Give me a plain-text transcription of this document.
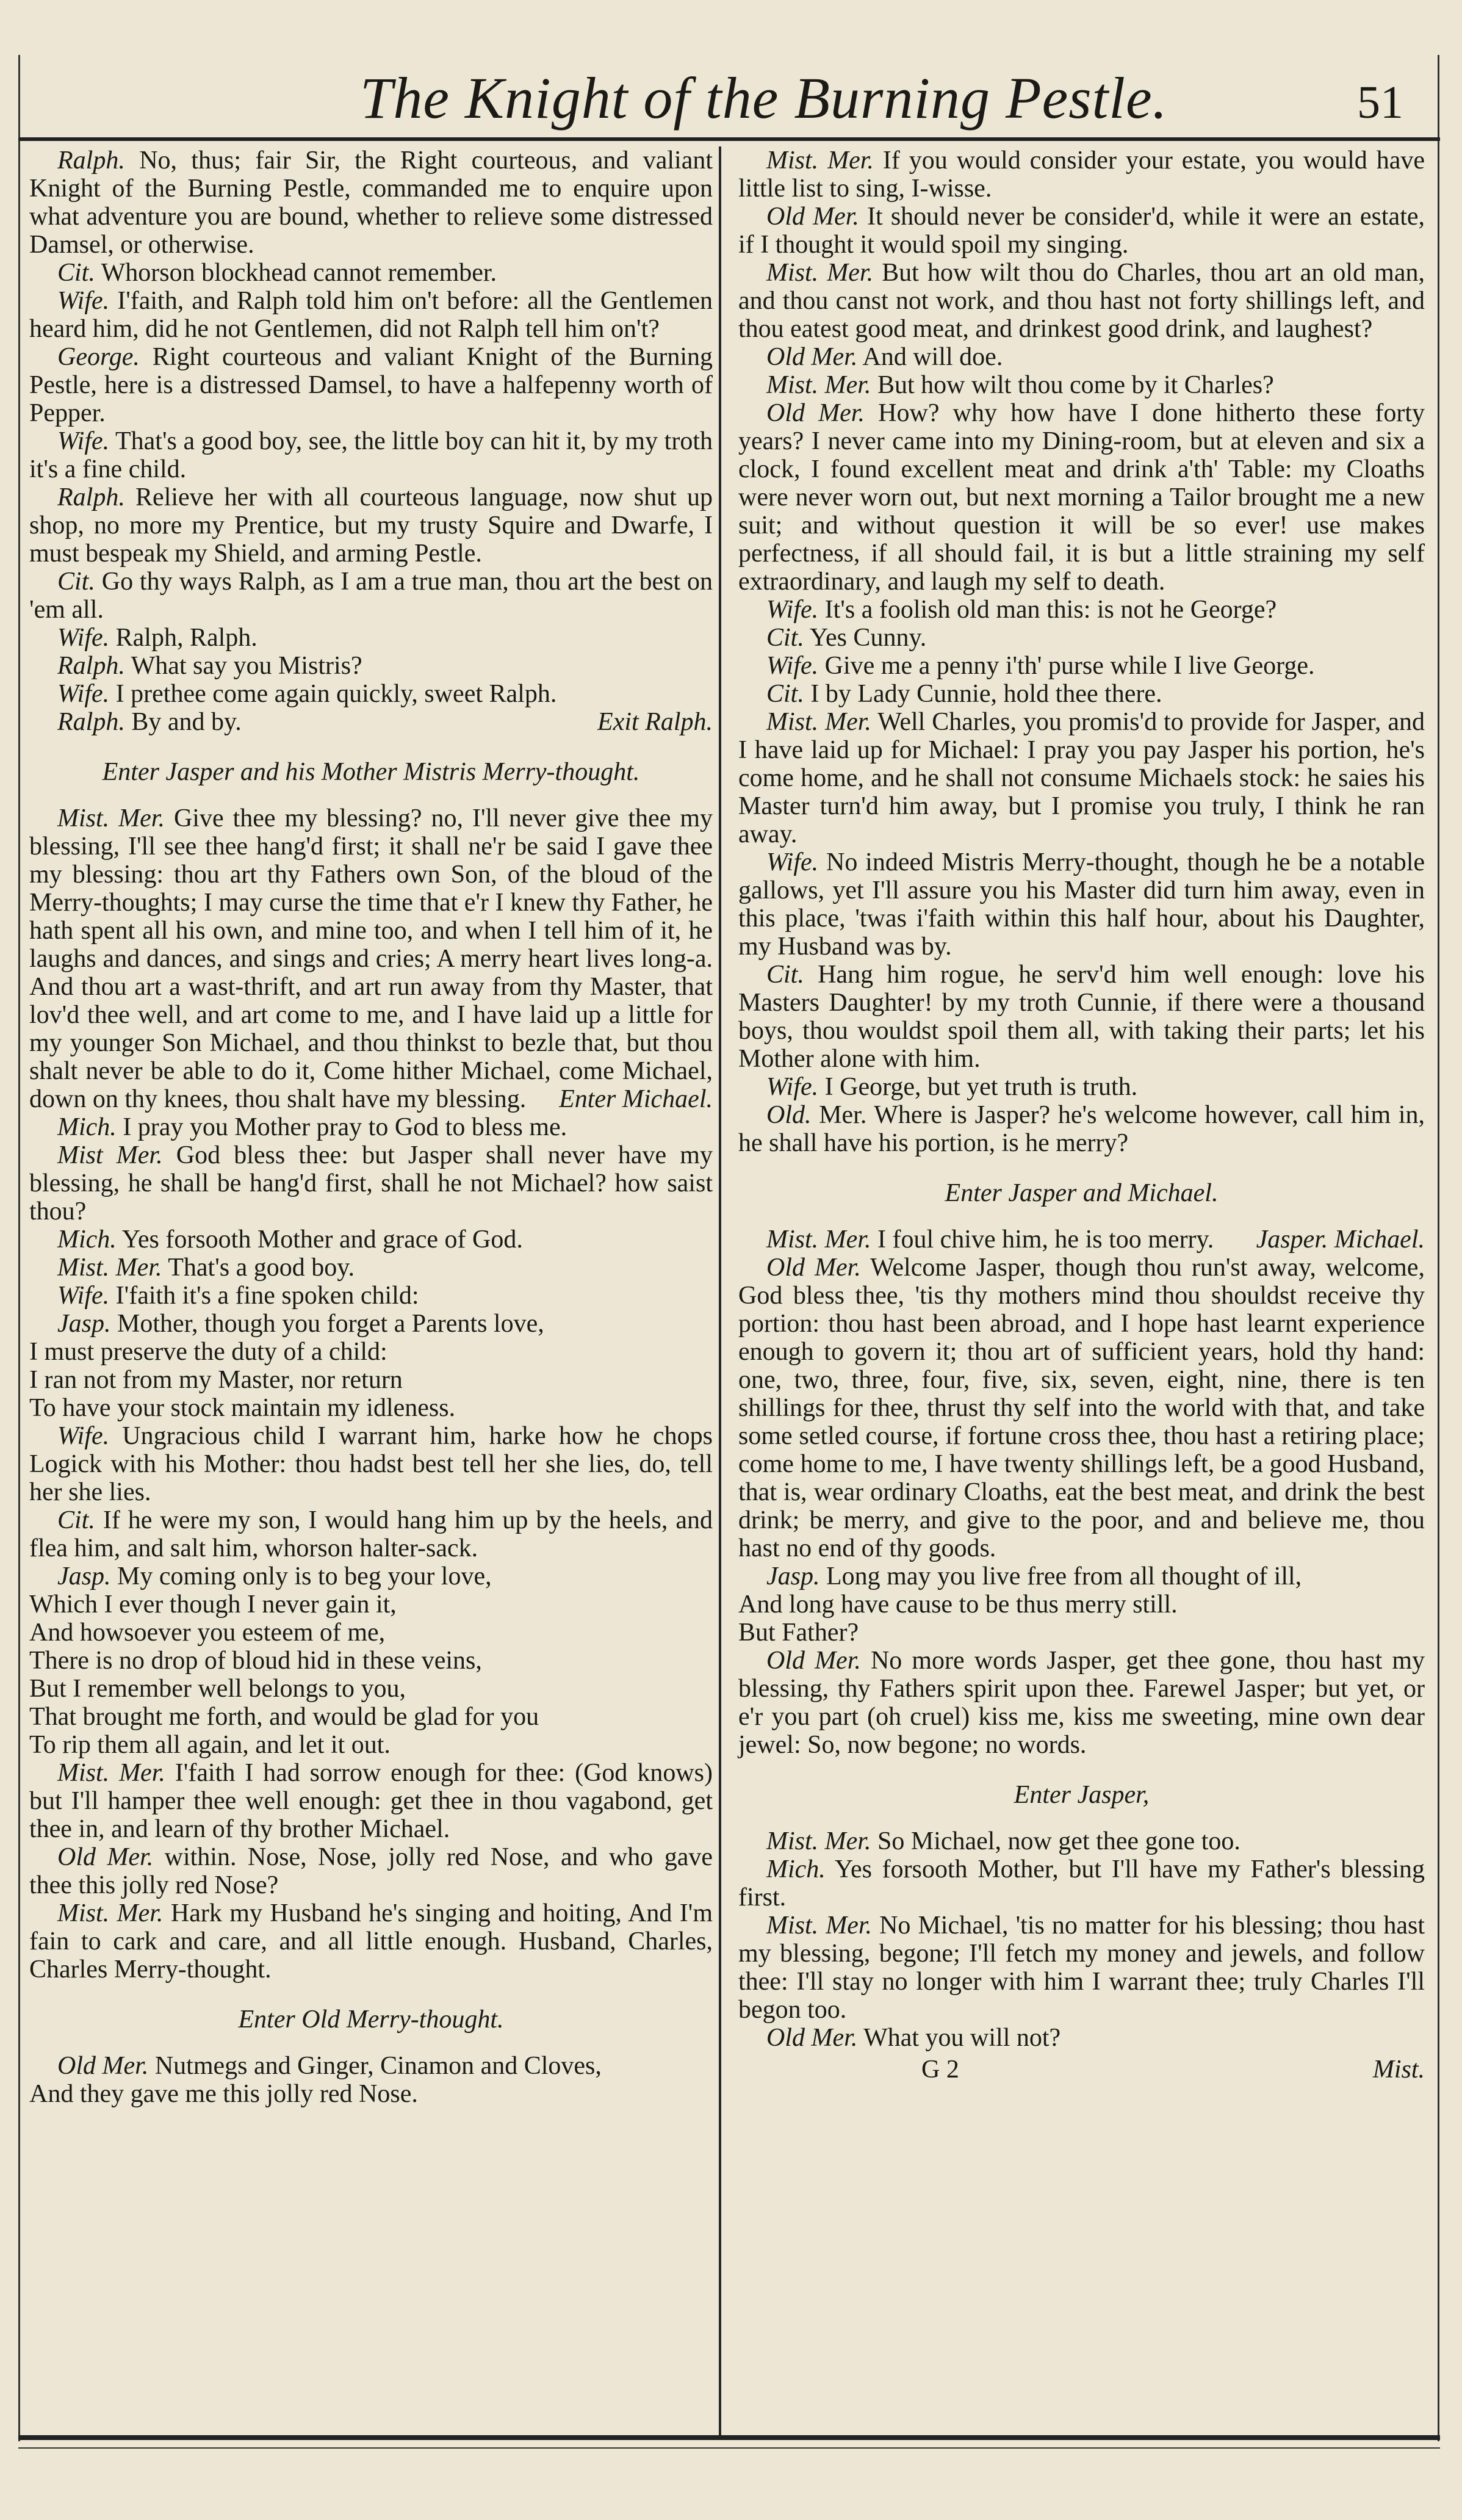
The Knight of the Burning Pestle.	51

Ralph. No, thus; fair Sir, the Right courteous, and valiant Knight of the Burning Pestle, commanded me to enquire upon what adventure you are bound, whether to relieve some distressed Damsel, or otherwise.

Cit. Whorson blockhead cannot remember.

Wife. I'faith, and Ralph told him on't before: all the Gentlemen heard him, did he not Gentlemen, did not Ralph tell him on't?

George. Right courteous and valiant Knight of the Burning Pestle, here is a distressed Damsel, to have a halfepenny worth of Pepper.

Wife. That's a good boy, see, the little boy can hit it, by my troth it's a fine child.

Ralph. Relieve her with all courteous language, now shut up shop, no more my Prentice, but my trusty Squire and Dwarfe, I must bespeak my Shield, and arming Pestle.

Cit. Go thy ways Ralph, as I am a true man, thou art the best on 'em all.

Wife. Ralph, Ralph.

Ralph. What say you Mistris?

Wife. I prethee come again quickly, sweet Ralph.

Ralph. By and by.	Exit Ralph.

Enter Jasper and his Mother Mistris Merry-thought.

Mist. Mer. Give thee my blessing? no, I'll never give thee my blessing, I'll see thee hang'd first; it shall ne'r be said I gave thee my blessing: thou art thy Fathers own Son, of the bloud of the Merry-thoughts; I may curse the time that e'r I knew thy Father, he hath spent all his own, and mine too, and when I tell him of it, he laughs and dances, and sings and cries; A merry heart lives long-a. And thou art a wast-thrift, and art run away from thy Master, that lov'd thee well, and art come to me, and I have laid up a little for my younger Son Michael, and thou thinkst to bezle that, but thou shalt never be able to do it, Come hither Michael, come Michael, down on thy knees, thou shalt have my blessing.	Enter Michael.

Mich. I pray you Mother pray to God to bless me.

Mist Mer. God bless thee: but Jasper shall never have my blessing, he shall be hang'd first, shall he not Michael? how saist thou?

Mich. Yes forsooth Mother and grace of God.

Mist. Mer. That's a good boy.

Wife. I'faith it's a fine spoken child:

Jasp. Mother, though you forget a Parents love,

I must preserve the duty of a child:

I ran not from my Master, nor return

To have your stock maintain my idleness.

Wife. Ungracious child I warrant him, harke how he chops Logick with his Mother: thou hadst best tell her she lies, do, tell her she lies.

Cit. If he were my son, I would hang him up by the heels, and flea him, and salt him, whorson halter-sack.

Jasp. My coming only is to beg your love,

Which I ever though I never gain it,

And howsoever you esteem of me,

There is no drop of bloud hid in these veins,

But I remember well belongs to you,

That brought me forth, and would be glad for you

To rip them all again, and let it out.

Mist. Mer. I'faith I had sorrow enough for thee: (God knows) but I'll hamper thee well enough: get thee in thou vagabond, get thee in, and learn of thy brother Michael.

Old Mer. within. Nose, Nose, jolly red Nose, and who gave thee this jolly red Nose?

Mist. Mer. Hark my Husband he's singing and hoiting, And I'm fain to cark and care, and all little enough. Husband, Charles, Charles Merry-thought.

Enter Old Merry-thought.

Old Mer. Nutmegs and Ginger, Cinamon and Cloves,

And they gave me this jolly red Nose.

Mist. Mer. If you would consider your estate, you would have little list to sing, I-wisse.

Old Mer. It should never be consider'd, while it were an estate, if I thought it would spoil my singing.

Mist. Mer. But how wilt thou do Charles, thou art an old man, and thou canst not work, and thou hast not forty shillings left, and thou eatest good meat, and drinkest good drink, and laughest?

Old Mer. And will doe.

Mist. Mer. But how wilt thou come by it Charles?

Old Mer. How? why how have I done hitherto these forty years? I never came into my Dining-room, but at eleven and six a clock, I found excellent meat and drink a'th' Table: my Cloaths were never worn out, but next morning a Tailor brought me a new suit; and without question it will be so ever! use makes perfectness, if all should fail, it is but a little straining my self extraordinary, and laugh my self to death.

Wife. It's a foolish old man this: is not he George?

Cit. Yes Cunny.

Wife. Give me a penny i'th' purse while I live George.

Cit. I by Lady Cunnie, hold thee there.

Mist. Mer. Well Charles, you promis'd to provide for Jasper, and I have laid up for Michael: I pray you pay Jasper his portion, he's come home, and he shall not consume Michaels stock: he saies his Master turn'd him away, but I promise you truly, I think he ran away.

Wife. No indeed Mistris Merry-thought, though he be a notable gallows, yet I'll assure you his Master did turn him away, even in this place, 'twas i'faith within this half hour, about his Daughter, my Husband was by.

Cit. Hang him rogue, he serv'd him well enough: love his Masters Daughter! by my troth Cunnie, if there were a thousand boys, thou wouldst spoil them all, with taking their parts; let his Mother alone with him.

Wife. I George, but yet truth is truth.

Old. Mer. Where is Jasper? he's welcome however, call him in, he shall have his portion, is he merry?

Enter Jasper and Michael.

Mist. Mer. I foul chive him, he is too merry.	Jasper. Michael.

Old Mer. Welcome Jasper, though thou run'st away, welcome, God bless thee, 'tis thy mothers mind thou shouldst receive thy portion: thou hast been abroad, and I hope hast learnt experience enough to govern it; thou art of sufficient years, hold thy hand: one, two, three, four, five, six, seven, eight, nine, there is ten shillings for thee, thrust thy self into the world with that, and take some setled course, if fortune cross thee, thou hast a retiring place; come home to me, I have twenty shillings left, be a good Husband, that is, wear ordinary Cloaths, eat the best meat, and drink the best drink; be merry, and give to the poor, and and believe me, thou hast no end of thy goods.

Jasp. Long may you live free from all thought of ill,

And long have cause to be thus merry still.

But Father?

Old Mer. No more words Jasper, get thee gone, thou hast my blessing, thy Fathers spirit upon thee. Farewel Jasper; but yet, or e'r you part (oh cruel) kiss me, kiss me sweeting, mine own dear jewel: So, now begone; no words.

Enter Jasper,

Mist. Mer. So Michael, now get thee gone too.

Mich. Yes forsooth Mother, but I'll have my Father's blessing first.

Mist. Mer. No Michael, 'tis no matter for his blessing; thou hast my blessing, begone; I'll fetch my money and jewels, and follow thee: I'll stay no longer with him I warrant thee; truly Charles I'll begon too.

Old Mer. What you will not?

G 2	Mist.
